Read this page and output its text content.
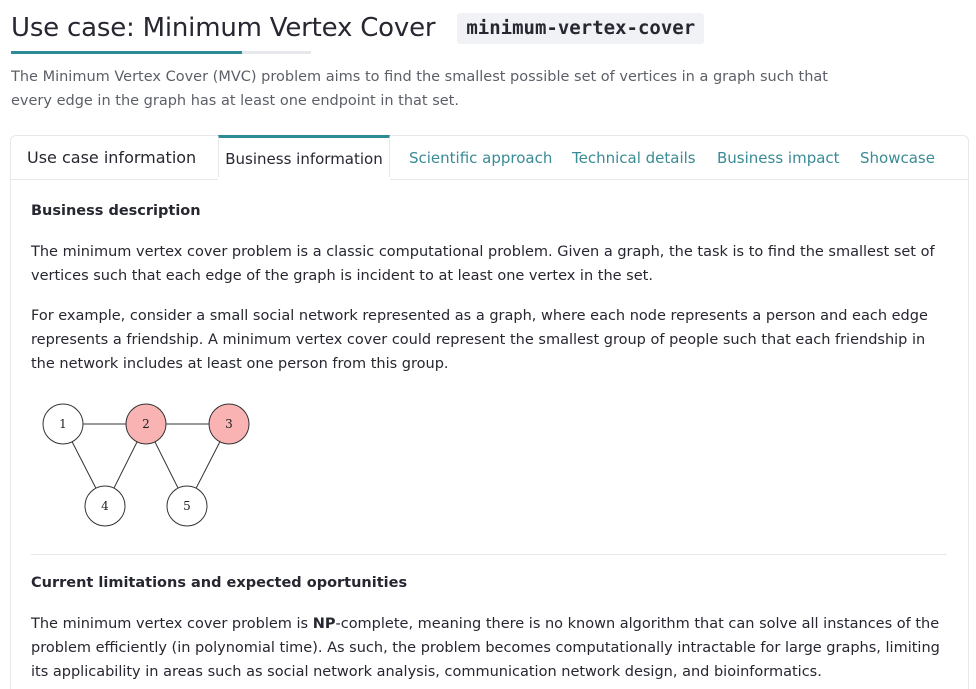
Use case: Minimum Vertex Cover	minimum-vertex-cover
The Minimum Vertex Cover (MVC) problem aims to find the smallest possible set of vertices in a graph such that every edge in the graph has at least one endpoint in that set.
Use case information	Business information	Scientific approach Technical details Business impact Showcase
Business description
The minimum vertex cover problem is a classic computational problem. Given a graph, the task is to find the smallest set of vertices such that each edge of the graph is incident to at least one vertex in the set.
For example, consider a small social network represented as a graph, where each node represents a person and each edge represents a friendship. A minimum vertex cover could represent the smallest group of people such that each friendship in the network includes at least one person from this group.
1	2	3
4	5
Current limitations and expected oportunities
The minimum vertex cover problem is NP-complete, meaning there is no known algorithm that can solve all instances of the problem efficiently (in polynomial time). As such, the problem becomes computationally intractable for large graphs, limiting its applicability in areas such as social network analysis, communication network design, and bioinformatics.
